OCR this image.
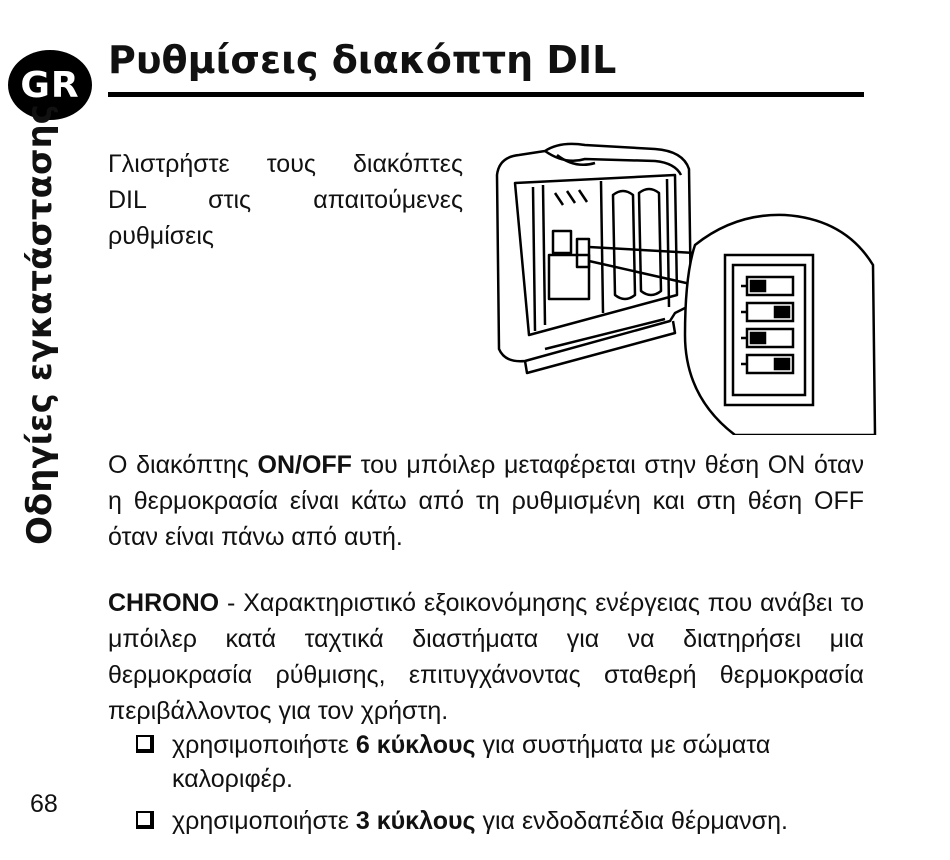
GR
Ρυθμίσεις διακόπτη DIL
Οδηγίες εγκατάστασης Γλιστρήστε τους διακόπτες
DIL στις απαιτούμενες
ρυθμίσεις

Ο διακόπτης ON/OFF του μπόιλερ μεταφέρεται στην θέση ON όταν η θερμοκρασία είναι κάτω από τη ρυθμισμένη και στη θέση OFF όταν είναι πάνω από αυτή.

CHRONO - Χαρακτηριστικό εξοικονόμησης ενέργειας που ανάβει το μπόιλερ κατά ταχτικά διαστήματα για να διατηρήσει μια θερμοκρασία ρύθμισης, επιτυγχάνοντας σταθερή θερμοκρασία περιβάλλοντος για τον χρήστη.

χρησιμοποιήστε 6 κύκλους για συστήματα με σώματα καλοριφέρ.
χρησιμοποιήστε 3 κύκλους για ενδοδαπέδια θέρμανση.
68
